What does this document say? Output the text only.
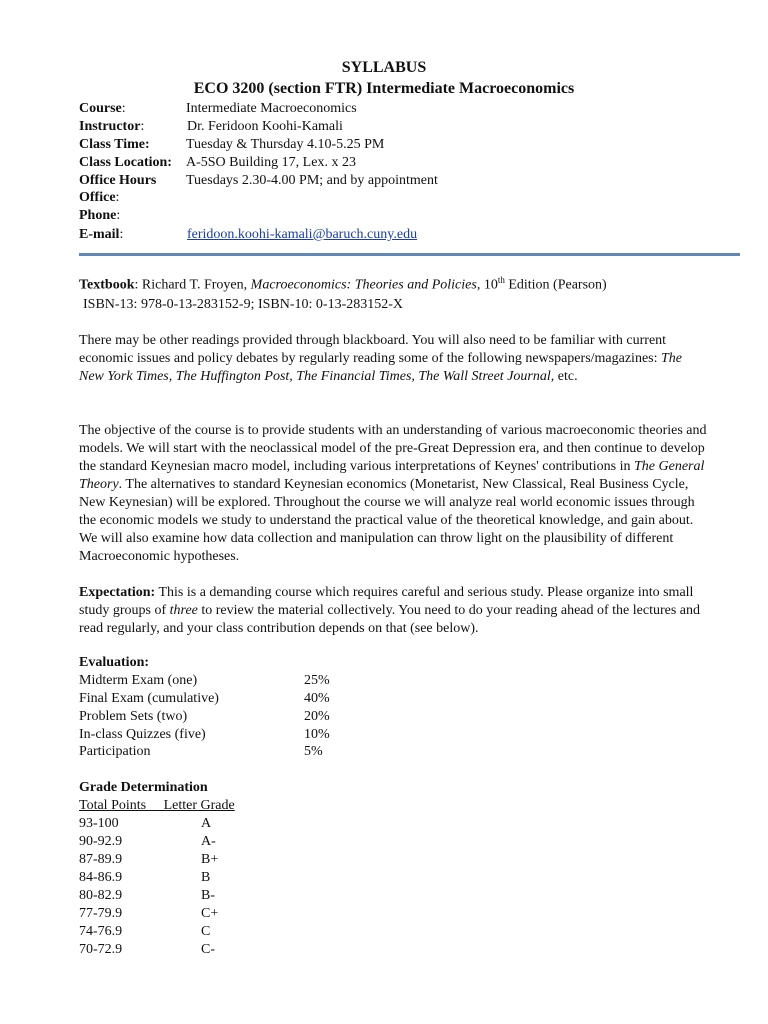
SYLLABUS
ECO 3200 (section FTR) Intermediate Macroeconomics
Course:	Intermediate Macroeconomics
Instructor:	Dr. Feridoon Koohi-Kamali
Class Time:	Tuesday & Thursday 4.10-5.25 PM
Class Location: A-5SO Building 17, Lex. x 23
Office Hours Tuesdays 2.30-4.00 PM; and by appointment
Office:
Phone:
E-mail:	feridoon.koohi-kamali@baruch.cuny.edu
Textbook: Richard T. Froyen, Macroeconomics: Theories and Policies, 10th Edition (Pearson)
ISBN-13: 978-0-13-283152-9; ISBN-10: 0-13-283152-X
There may be other readings provided through blackboard. You will also need to be familiar with current economic issues and policy debates by regularly reading some of the following newspapers/magazines: The New York Times, The Huffington Post, The Financial Times, The Wall Street Journal, etc.
The objective of the course is to provide students with an understanding of various macroeconomic theories and models. We will start with the neoclassical model of the pre-Great Depression era, and then continue to develop the standard Keynesian macro model, including various interpretations of Keynes' contributions in The General Theory. The alternatives to standard Keynesian economics (Monetarist, New Classical, Real Business Cycle, New Keynesian) will be explored. Throughout the course we will analyze real world economic issues through the economic models we study to understand the practical value of the theoretical knowledge, and gain about. We will also examine how data collection and manipulation can throw light on the plausibility of different Macroeconomic hypotheses.
Expectation: This is a demanding course which requires careful and serious study. Please organize into small study groups of three to review the material collectively. You need to do your reading ahead of the lectures and read regularly, and your class contribution depends on that (see below).
Evaluation:
Midterm Exam (one)	25%
Final Exam (cumulative)	40%
Problem Sets (two)	20%
In-class Quizzes (five)	10%
Participation	5%
Grade Determination
Total Points     Letter Grade
93-100	A
90-92.9	A-
87-89.9	B+
84-86.9	B
80-82.9	B-
77-79.9	C+
74-76.9	C
70-72.9	C-
